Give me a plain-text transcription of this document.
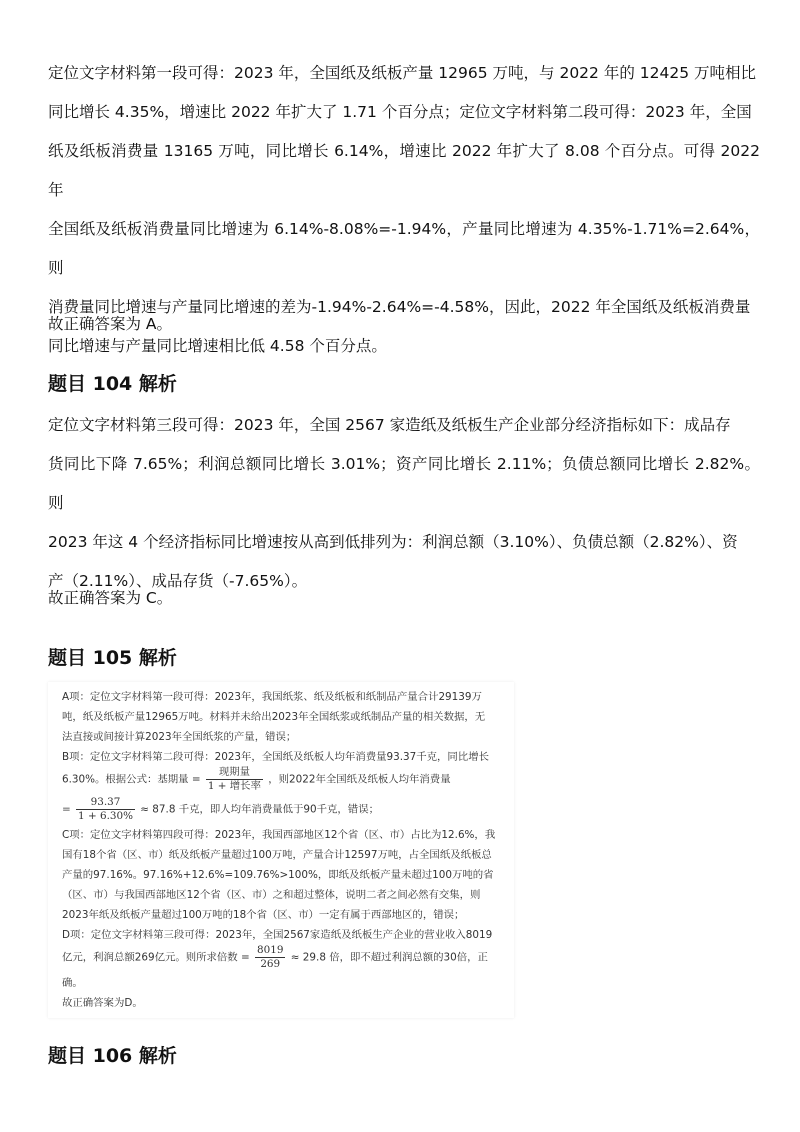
定位文字材料第一段可得：2023 年，全国纸及纸板产量 12965 万吨，与 2022 年的 12425 万吨相比
同比增长 4.35%，增速比 2022 年扩大了 1.71 个百分点；定位文字材料第二段可得：2023 年，全国
纸及纸板消费量 13165 万吨，同比增长 6.14%，增速比 2022 年扩大了 8.08 个百分点。可得 2022 年
全国纸及纸板消费量同比增速为 6.14%-8.08%=-1.94%，产量同比增速为 4.35%-1.71%=2.64%，则
消费量同比增速与产量同比增速的差为-1.94%-2.64%=-4.58%，因此，2022 年全国纸及纸板消费量
同比增速与产量同比增速相比低 4.58 个百分点。

故正确答案为 A。

题目 104 解析

定位文字材料第三段可得：2023 年，全国 2567 家造纸及纸板生产企业部分经济指标如下：成品存
货同比下降 7.65%；利润总额同比增长 3.01%；资产同比增长 2.11%；负债总额同比增长 2.82%。则
2023 年这 4 个经济指标同比增速按从高到低排列为：利润总额（3.10%）、负债总额（2.82%）、资
产（2.11%）、成品存货（-7.65%）。

故正确答案为 C。

题目 105 解析

A项：定位文字材料第一段可得：2023年，我国纸浆、纸及纸板和纸制品产量合计29139万

吨，纸及纸板产量12965万吨。材料并未给出2023年全国纸浆或纸制品产量的相关数据，无

法直接或间接计算2023年全国纸浆的产量，错误；

B项：定位文字材料第二段可得：2023年，全国纸及纸板人均年消费量93.37千克，同比增长

6.30%。根据公式：基期量 = $\frac{\text{现期量}}{\text{1 + 增长率}}$ ，则2022年全国纸及纸板人均年消费量

= $\frac{93.37}{1 + 6.30\%} \approx 87.8$ 千克，即人均年消费量低于90千克，错误；

C项：定位文字材料第四段可得：2023年，我国西部地区12个省（区、市）占比为12.6%，我

国有18个省（区、市）纸及纸板产量超过100万吨，产量合计12597万吨，占全国纸及纸板总

产量的97.16%。97.16%+12.6%=109.76%>100%，即纸及纸板产量未超过100万吨的省

（区、市）与我国西部地区12个省（区、市）之和超过整体，说明二者之间必然有交集，则

2023年纸及纸板产量超过100万吨的18个省（区、市）一定有属于西部地区的，错误；

D项：定位文字材料第三段可得：2023年，全国2567家造纸及纸板生产企业的营业收入8019

亿元，利润总额269亿元。则所求倍数 = $\frac{8019}{269} \approx 29.8$ 倍，即不超过利润总额的30倍，正

确。

故正确答案为D。

题目 106 解析
